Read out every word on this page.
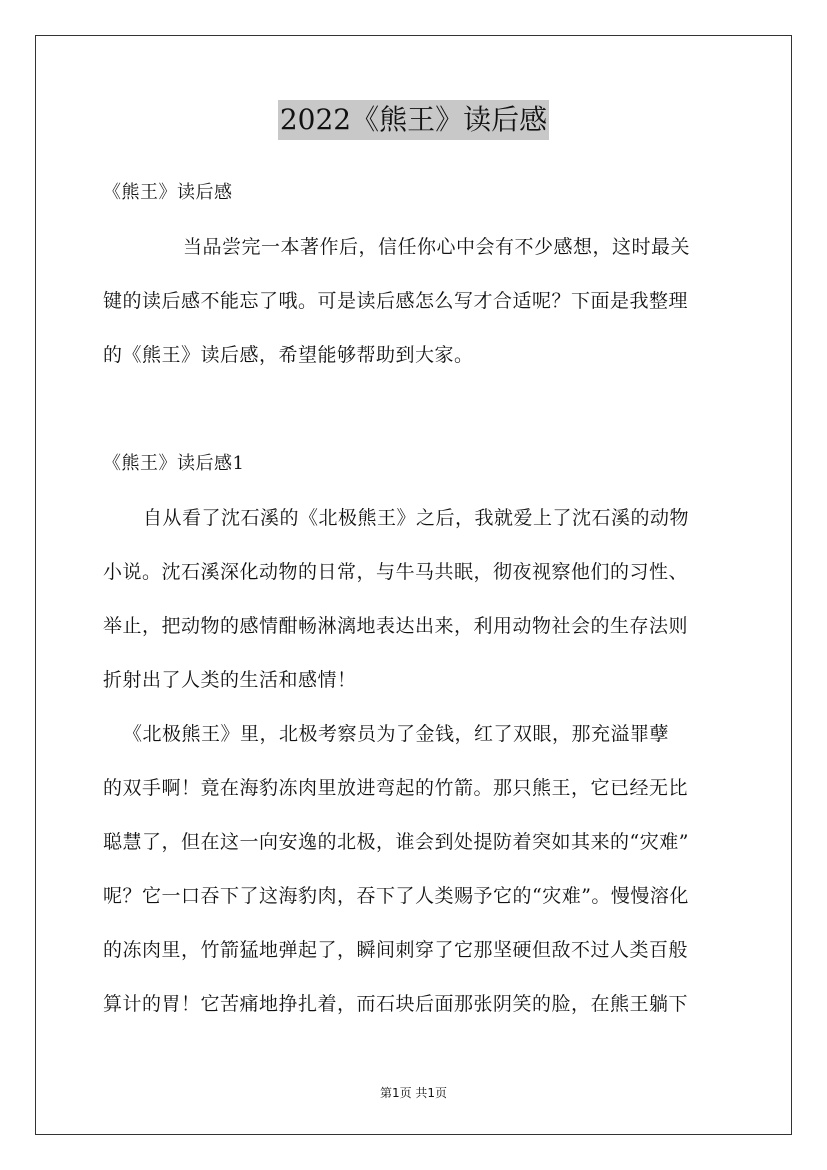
2022《熊王》读后感
《熊王》读后感
当品尝完一本著作后，信任你心中会有不少感想，这时最关
键的读后感不能忘了哦。可是读后感怎么写才合适呢？下面是我整理
的《熊王》读后感，希望能够帮助到大家。
《熊王》读后感1
自从看了沈石溪的《北极熊王》之后，我就爱上了沈石溪的动物
小说。沈石溪深化动物的日常，与牛马共眠，彻夜视察他们的习性、
举止，把动物的感情酣畅淋漓地表达出来，利用动物社会的生存法则
折射出了人类的生活和感情！
《北极熊王》里，北极考察员为了金钱，红了双眼，那充溢罪孽
的双手啊！竟在海豹冻肉里放进弯起的竹箭。那只熊王，它已经无比
聪慧了，但在这一向安逸的北极，谁会到处提防着突如其来的“灾难”
呢？它一口吞下了这海豹肉，吞下了人类赐予它的“灾难”。慢慢溶化
的冻肉里，竹箭猛地弹起了，瞬间刺穿了它那坚硬但敌不过人类百般
算计的胃！它苦痛地挣扎着，而石块后面那张阴笑的脸，在熊王躺下
第1页 共1页
